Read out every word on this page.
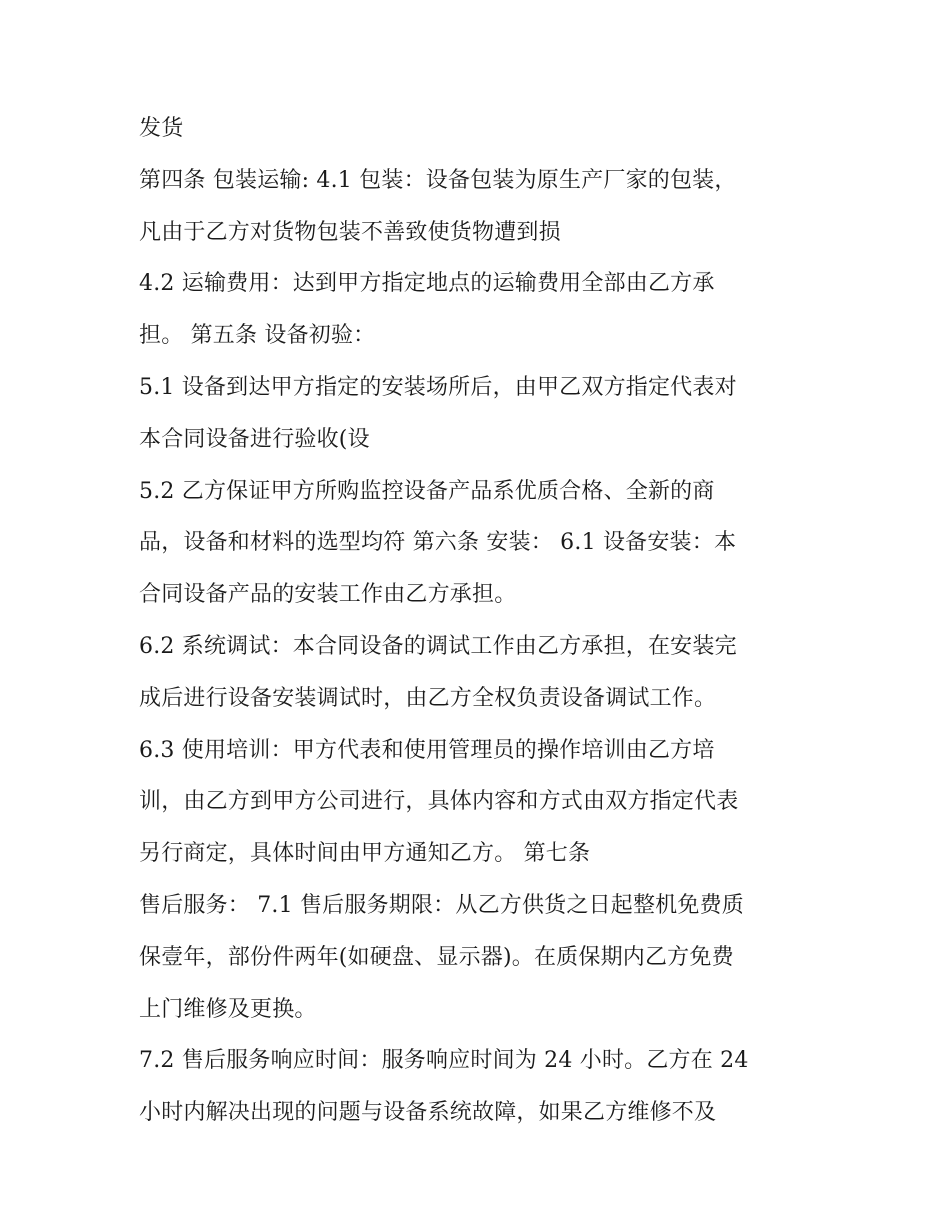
发货
第四条 包装运输: 4.1 包装：设备包装为原生产厂家的包装，
凡由于乙方对货物包装不善致使货物遭到损
4.2 运输费用：达到甲方指定地点的运输费用全部由乙方承
担。 第五条 设备初验：
5.1 设备到达甲方指定的安装场所后，由甲乙双方指定代表对
本合同设备进行验收(设
5.2 乙方保证甲方所购监控设备产品系优质合格、全新的商
品，设备和材料的选型均符 第六条 安装： 6.1 设备安装：本
合同设备产品的安装工作由乙方承担。
6.2 系统调试：本合同设备的调试工作由乙方承担，在安装完
成后进行设备安装调试时，由乙方全权负责设备调试工作。
6.3 使用培训：甲方代表和使用管理员的操作培训由乙方培
训，由乙方到甲方公司进行，具体内容和方式由双方指定代表
另行商定，具体时间由甲方通知乙方。 第七条
售后服务： 7.1 售后服务期限：从乙方供货之日起整机免费质
保壹年，部份件两年(如硬盘、显示器)。在质保期内乙方免费
上门维修及更换。
7.2 售后服务响应时间：服务响应时间为 24 小时。乙方在 24
小时内解决出现的问题与设备系统故障，如果乙方维修不及
